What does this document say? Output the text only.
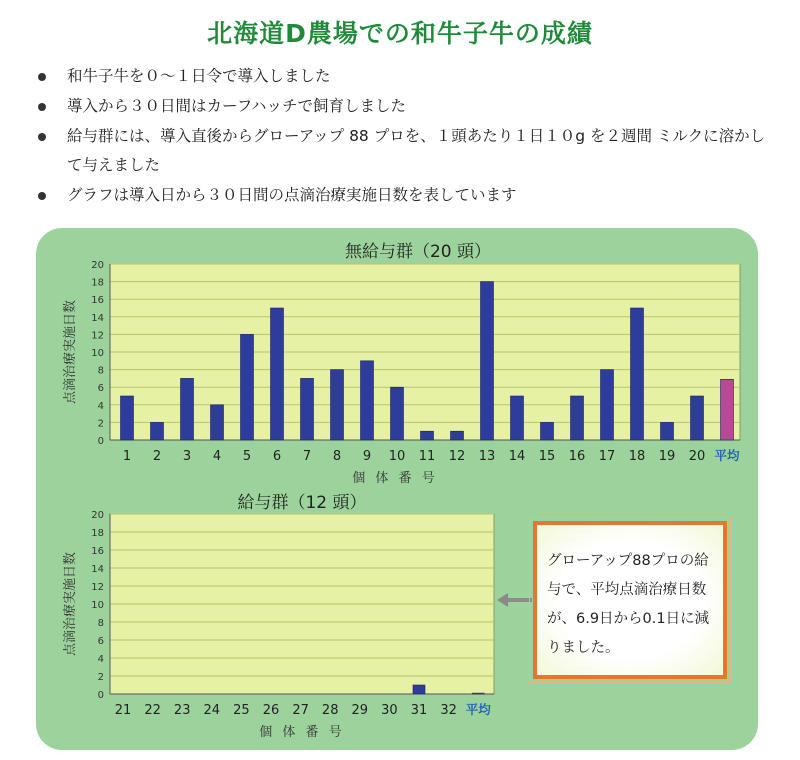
北海道D農場での和牛子牛の成績
和牛子牛を０～１日令で導入しました
導入から３０日間はカーフハッチで飼育しました
給与群には、導入直後からグローアップ 88 プロを、１頭あたり１日１０g を２週間 ミルクに溶かして与えました
グラフは導入日から３０日間の点滴治療実施日数を表しています
0
2
4
6
8
10
12
14
16
18
20
1 2 3 4 5 6 7 8 9 10 11 12 13 14 15 16 17 18 19 20 平均
無給与群（20 頭）
個 体 番 号
点滴治療実施日数
0
2
4
6
8
10
12
14
16
18
20
21 22 23 24 25 26 27 28 29 30 31 32 平均
給与群（12 頭）
個 体 番 号
点滴治療実施日数	グローアップ88プロの給与で、平均点滴治療日数が、6.9日から0.1日に減りました。
